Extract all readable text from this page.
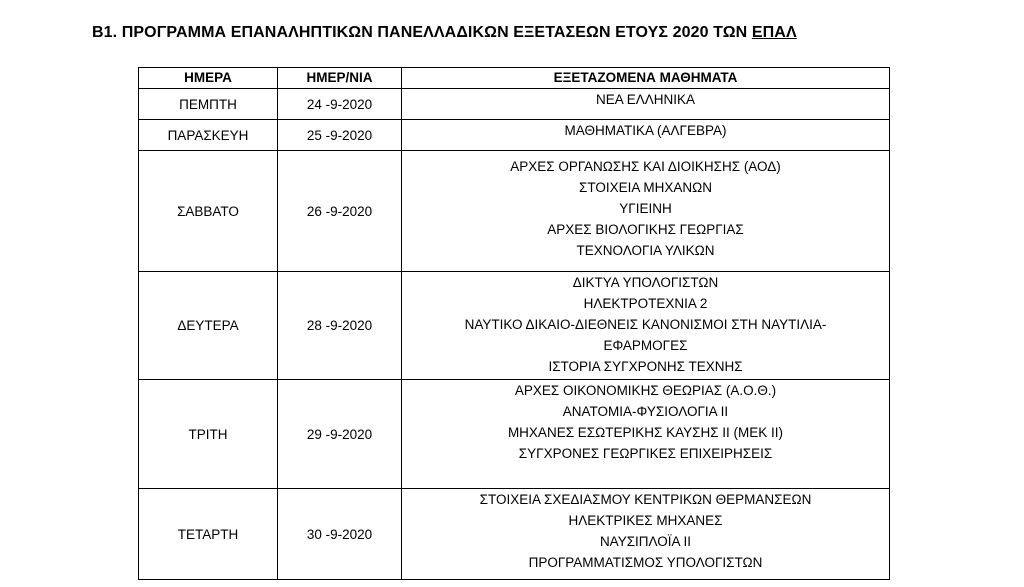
Β1. ΠΡΟΓΡΑΜΜΑ ΕΠΑΝΑΛΗΠΤΙΚΩΝ ΠΑΝΕΛΛΑΔΙΚΩΝ ΕΞΕΤΑΣΕΩΝ ΕΤΟΥΣ 2020 ΤΩΝ ΕΠΑΛ
ΗΜΕΡΑ	ΗΜΕΡ/ΝΙΑ	ΕΞΕΤΑΖΟΜΕΝΑ ΜΑΘΗΜΑΤΑ
ΠΕΜΠΤΗ	24 -9-2020	ΝΕΑ ΕΛΛΗΝΙΚΑ

ΠΑΡΑΣΚΕΥΗ	25 -9-2020	ΜΑΘΗΜΑΤΙΚΑ (ΑΛΓΕΒΡΑ)

ΣΑΒΒΑΤΟ	26 -9-2020	ΑΡΧΕΣ ΟΡΓΑΝΩΣΗΣ ΚΑΙ ΔΙΟΙΚΗΣΗΣ (ΑΟΔ)
ΣΤΟΙΧΕΙΑ ΜΗΧΑΝΩΝ
ΥΓΙΕΙΝΗ
ΑΡΧΕΣ ΒΙΟΛΟΓΙΚΗΣ ΓΕΩΡΓΙΑΣ
ΤΕΧΝΟΛΟΓΙΑ ΥΛΙΚΩΝ

ΔΕΥΤΕΡΑ	28 -9-2020	ΔΙΚΤΥΑ ΥΠΟΛΟΓΙΣΤΩΝ
ΗΛΕΚΤΡΟΤΕΧΝΙΑ 2
ΝΑΥΤΙΚΟ ΔΙΚΑΙΟ-ΔΙΕΘΝΕΙΣ ΚΑΝΟΝΙΣΜΟΙ ΣΤΗ ΝΑΥΤΙΛΙΑ-
ΕΦΑΡΜΟΓΕΣ
ΙΣΤΟΡΙΑ ΣΥΓΧΡΟΝΗΣ ΤΕΧΝΗΣ

ΤΡΙΤΗ	29 -9-2020	ΑΡΧΕΣ ΟΙΚΟΝΟΜΙΚΗΣ ΘΕΩΡΙΑΣ (Α.Ο.Θ.)
ΑΝΑΤΟΜΙΑ-ΦΥΣΙΟΛΟΓΙΑ ΙΙ
ΜΗΧΑΝΕΣ ΕΣΩΤΕΡΙΚΗΣ ΚΑΥΣΗΣ ΙΙ (ΜΕΚ ΙΙ)
ΣΥΓΧΡΟΝΕΣ ΓΕΩΡΓΙΚΕΣ ΕΠΙΧΕΙΡΗΣΕΙΣ

ΤΕΤΑΡΤΗ	30 -9-2020	ΣΤΟΙΧΕΙΑ ΣΧΕΔΙΑΣΜΟΥ ΚΕΝΤΡΙΚΩΝ ΘΕΡΜΑΝΣΕΩΝ
ΗΛΕΚΤΡΙΚΕΣ ΜΗΧΑΝΕΣ
ΝΑΥΣΙΠΛΟΪΑ ΙΙ
ΠΡΟΓΡΑΜΜΑΤΙΣΜΟΣ ΥΠΟΛΟΓΙΣΤΩΝ
